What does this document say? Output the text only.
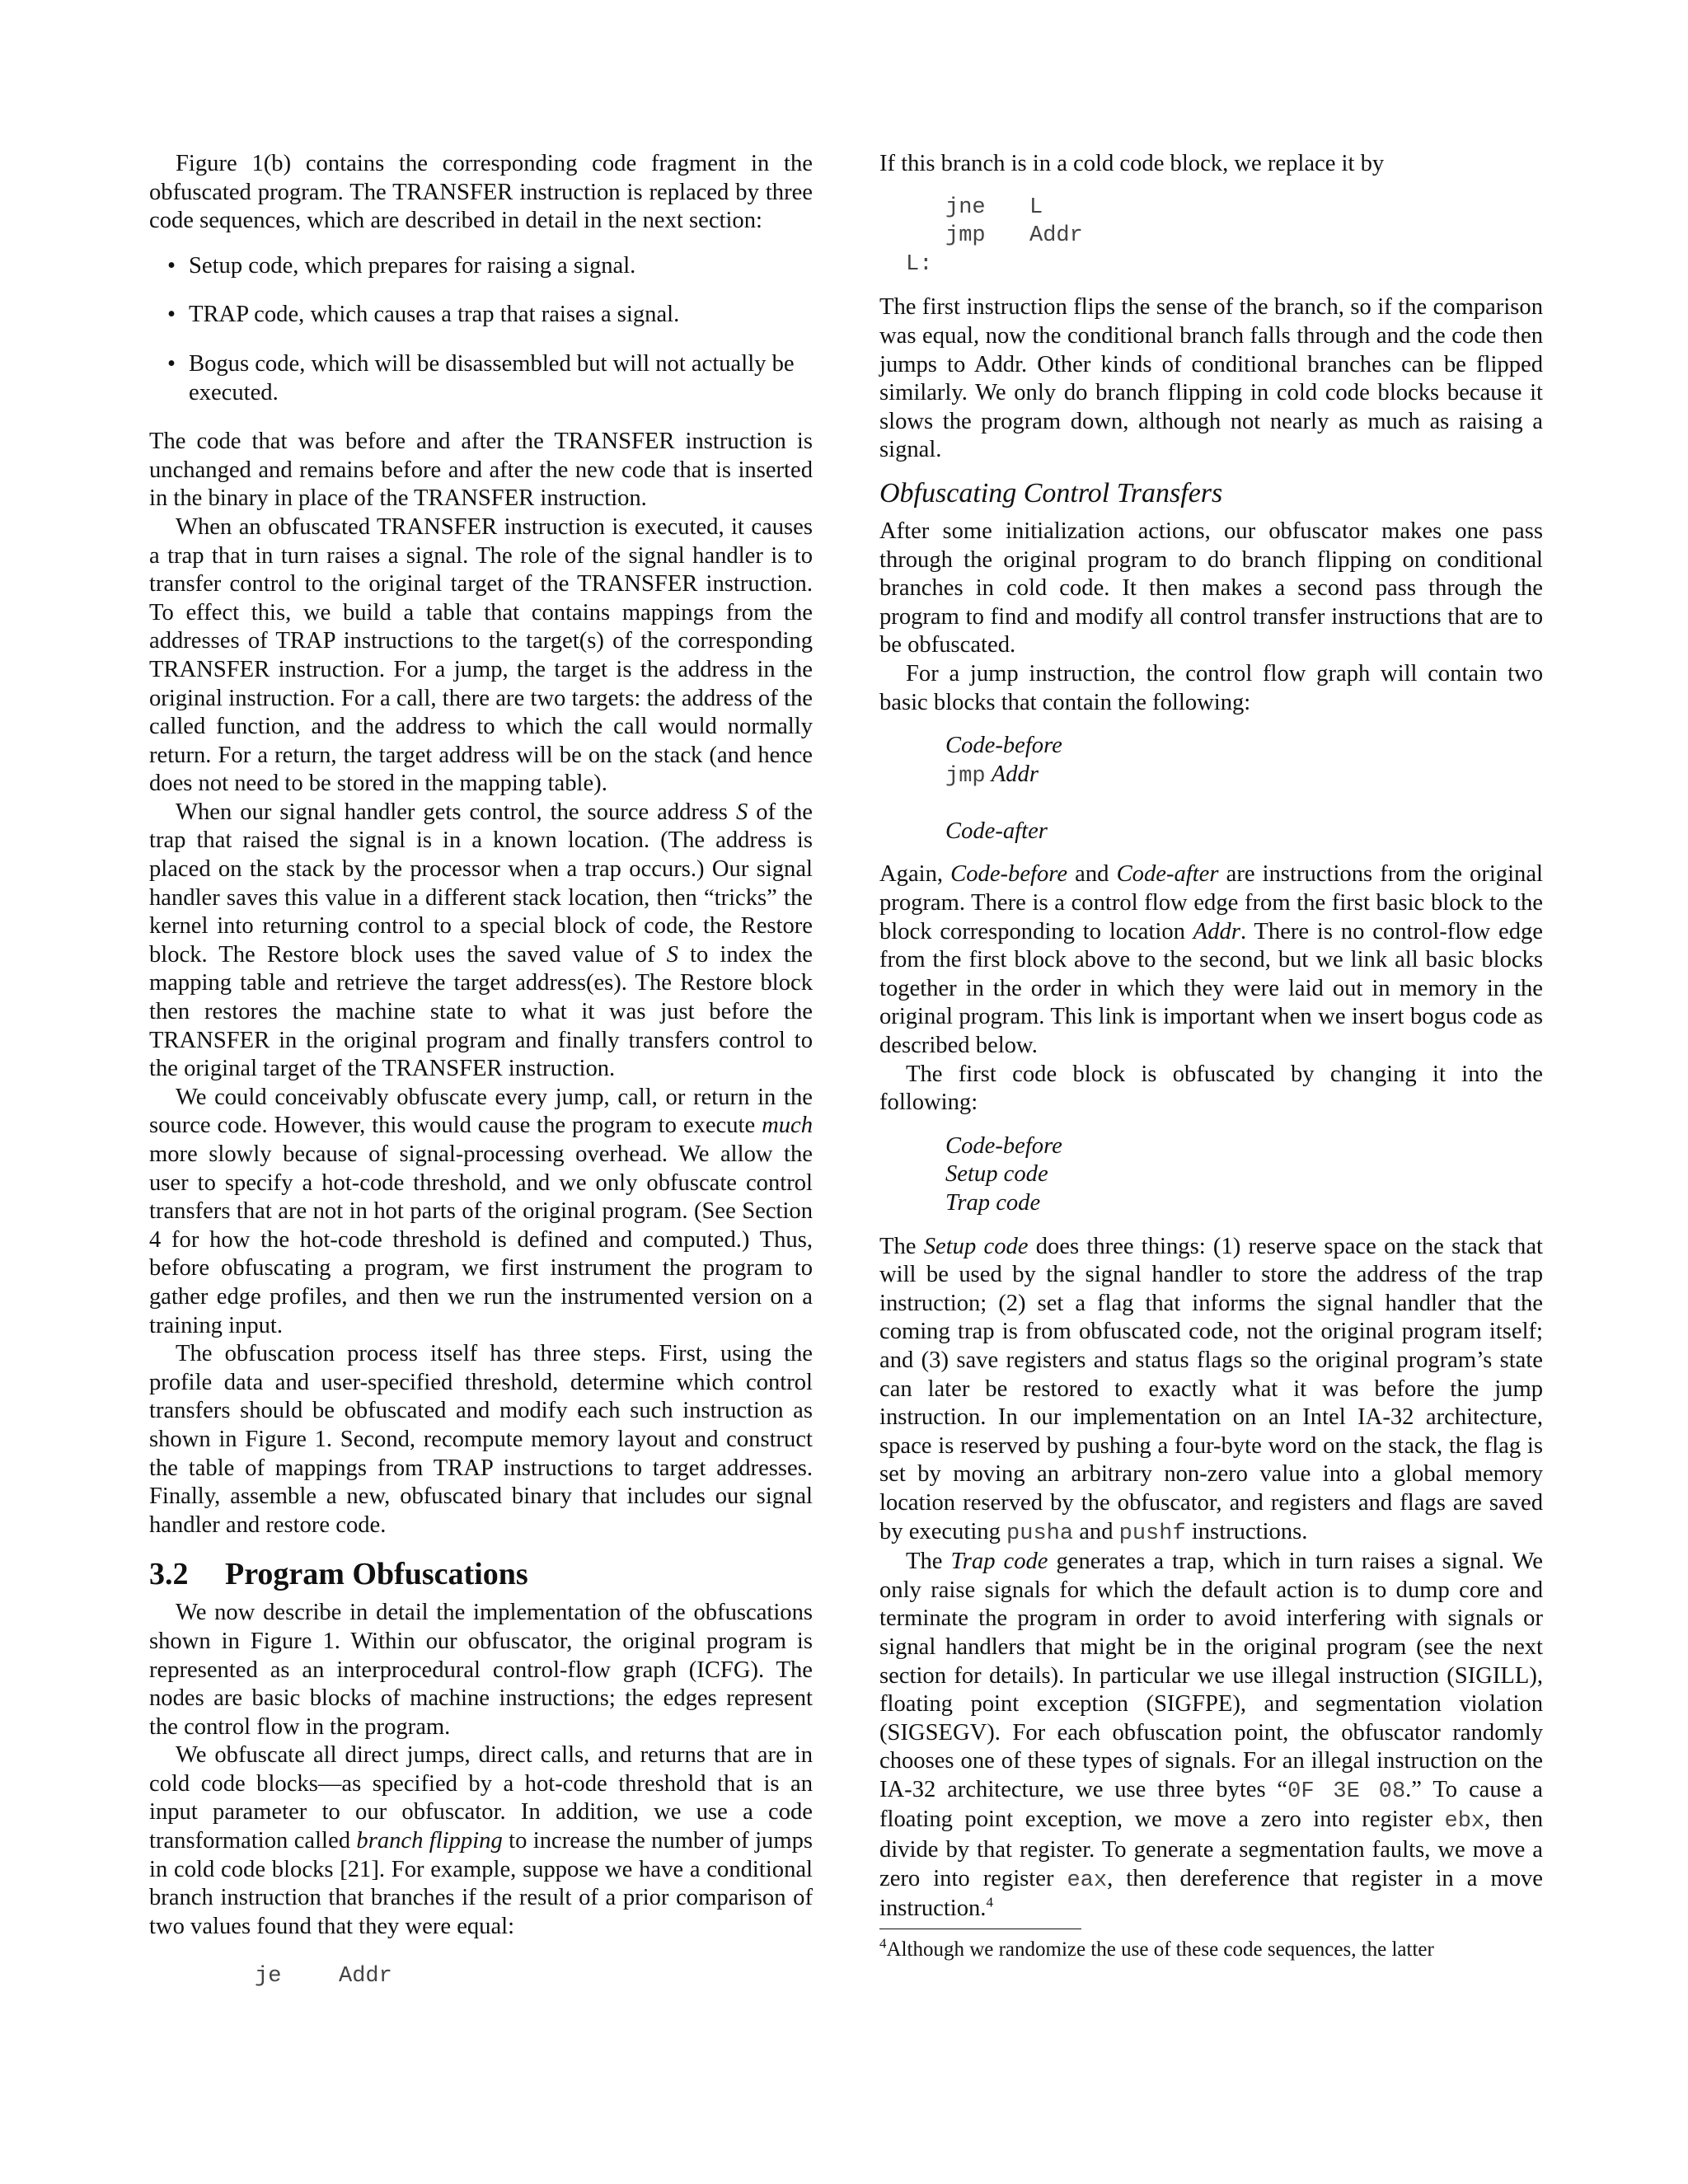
Figure 1(b) contains the corresponding code fragment in the obfuscated program. The TRANSFER instruction is replaced by three code sequences, which are described in detail in the next section:

• Setup code, which prepares for raising a signal.
• TRAP code, which causes a trap that raises a signal.
• Bogus code, which will be disassembled but will not actually be executed.

The code that was before and after the TRANSFER instruction is unchanged and remains before and after the new code that is inserted in the binary in place of the TRANSFER instruction.

When an obfuscated TRANSFER instruction is executed, it causes a trap that in turn raises a signal. The role of the signal handler is to transfer control to the original target of the TRANSFER instruction. To effect this, we build a table that contains mappings from the addresses of TRAP instructions to the target(s) of the corresponding TRANSFER instruction. For a jump, the target is the address in the original instruction. For a call, there are two targets: the address of the called function, and the address to which the call would normally return. For a return, the target address will be on the stack (and hence does not need to be stored in the mapping table).

When our signal handler gets control, the source address S of the trap that raised the signal is in a known location. (The address is placed on the stack by the processor when a trap occurs.) Our signal handler saves this value in a different stack location, then “tricks” the kernel into returning control to a special block of code, the Restore block. The Restore block uses the saved value of S to index the mapping table and retrieve the target address(es). The Restore block then restores the machine state to what it was just before the TRANSFER in the original program and finally transfers control to the original target of the TRANSFER instruction.

We could conceivably obfuscate every jump, call, or return in the source code. However, this would cause the program to execute much more slowly because of signal-processing overhead. We allow the user to specify a hot-code threshold, and we only obfuscate control transfers that are not in hot parts of the original program. (See Section 4 for how the hot-code threshold is defined and computed.) Thus, before obfuscating a program, we first instrument the program to gather edge profiles, and then we run the instrumented version on a training input.

The obfuscation process itself has three steps. First, using the profile data and user-specified threshold, determine which control transfers should be obfuscated and modify each such instruction as shown in Figure 1. Second, recompute memory layout and construct the table of mappings from TRAP instructions to target addresses. Finally, assemble a new, obfuscated binary that includes our signal handler and restore code.

3.2 Program Obfuscations

We now describe in detail the implementation of the obfuscations shown in Figure 1. Within our obfuscator, the original program is represented as an interprocedural control-flow graph (ICFG). The nodes are basic blocks of machine instructions; the edges represent the control flow in the program.

We obfuscate all direct jumps, direct calls, and returns that are in cold code blocks—as specified by a hot-code threshold that is an input parameter to our obfuscator. In addition, we use a code transformation called branch flipping to increase the number of jumps in cold code blocks [21]. For example, suppose we have a conditional branch instruction that branches if the result of a prior comparison of two values found that they were equal:

je	Addr

If this branch is in a cold code block, we replace it by

jne	L
jmp	Addr
L:

The first instruction flips the sense of the branch, so if the comparison was equal, now the conditional branch falls through and the code then jumps to Addr. Other kinds of conditional branches can be flipped similarly. We only do branch flipping in cold code blocks because it slows the program down, although not nearly as much as raising a signal.

Obfuscating Control Transfers

After some initialization actions, our obfuscator makes one pass through the original program to do branch flipping on conditional branches in cold code. It then makes a second pass through the program to find and modify all control transfer instructions that are to be obfuscated.

For a jump instruction, the control flow graph will contain two basic blocks that contain the following:

Code-before
jmp Addr
Code-after

Again, Code-before and Code-after are instructions from the original program. There is a control flow edge from the first basic block to the block corresponding to location Addr. There is no control-flow edge from the first block above to the second, but we link all basic blocks together in the order in which they were laid out in memory in the original program. This link is important when we insert bogus code as described below.

The first code block is obfuscated by changing it into the following:

Code-before
Setup code
Trap code

The Setup code does three things: (1) reserve space on the stack that will be used by the signal handler to store the address of the trap instruction; (2) set a flag that informs the signal handler that the coming trap is from obfuscated code, not the original program itself; and (3) save registers and status flags so the original program’s state can later be restored to exactly what it was before the jump instruction. In our implementation on an Intel IA-32 architecture, space is reserved by pushing a four-byte word on the stack, the flag is set by moving an arbitrary non-zero value into a global memory location reserved by the obfuscator, and registers and flags are saved by executing pusha and pushf instructions.

The Trap code generates a trap, which in turn raises a signal. We only raise signals for which the default action is to dump core and terminate the program in order to avoid interfering with signals or signal handlers that might be in the original program (see the next section for details). In particular we use illegal instruction (SIGILL), floating point exception (SIGFPE), and segmentation violation (SIGSEGV). For each obfuscation point, the obfuscator randomly chooses one of these types of signals. For an illegal instruction on the IA-32 architecture, we use three bytes “0F 3E 08.” To cause a floating point exception, we move a zero into register ebx, then divide by that register. To generate a segmentation faults, we move a zero into register eax, then dereference that register in a move instruction.$^4$

$^4$Although we randomize the use of these code sequences, the latter
